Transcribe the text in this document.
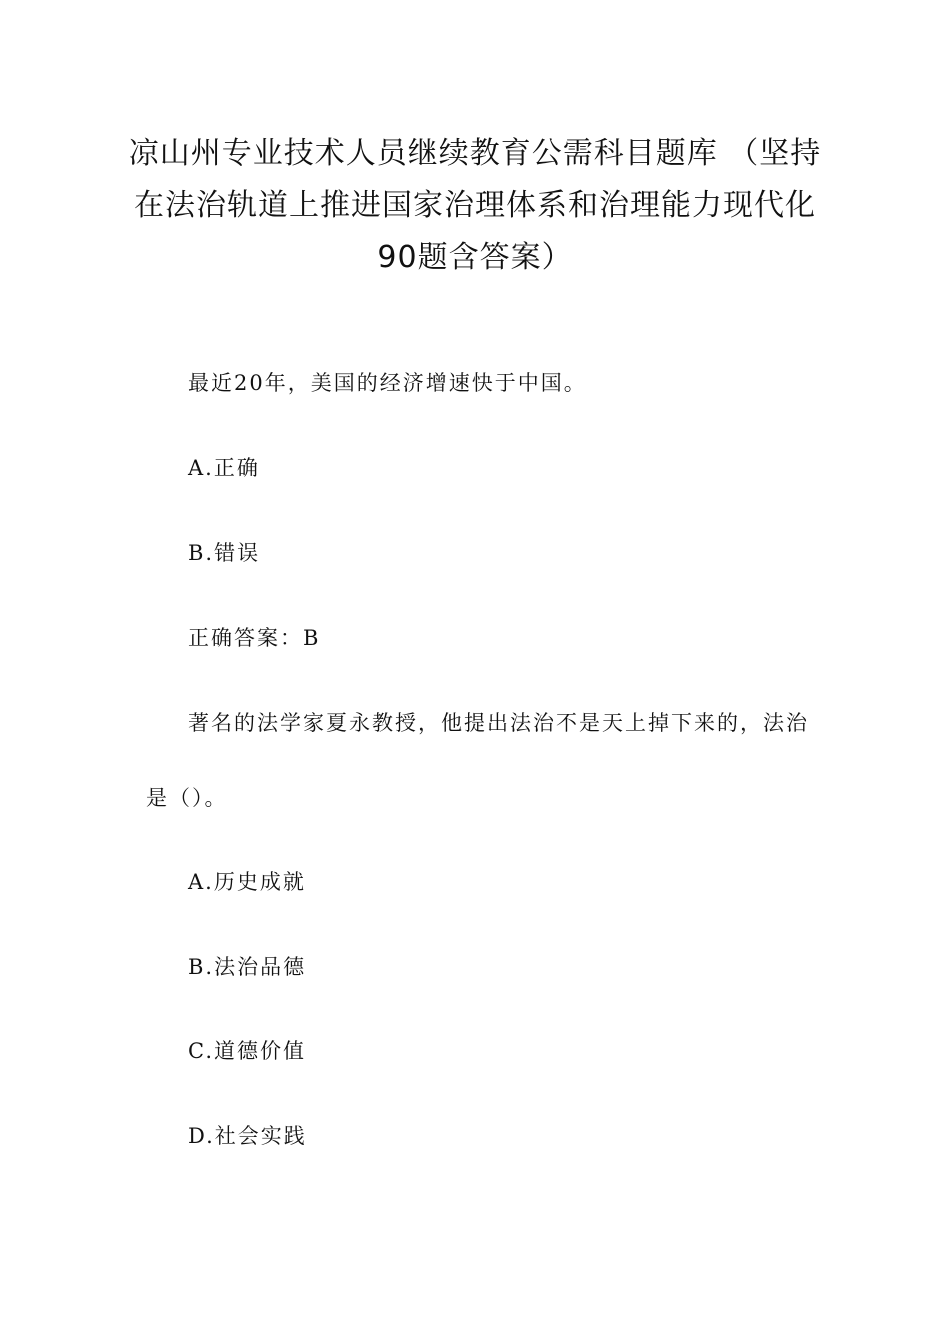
凉山州专业技术人员继续教育公需科目题库 （坚持
在法治轨道上推进国家治理体系和治理能力现代化
90题含答案）
最近20年，美国的经济增速快于中国。
A.正确
B.错误
正确答案：B
著名的法学家夏永教授，他提出法治不是天上掉下来的，法治
是（）。
A.历史成就
B.法治品德
C.道德价值
D.社会实践
